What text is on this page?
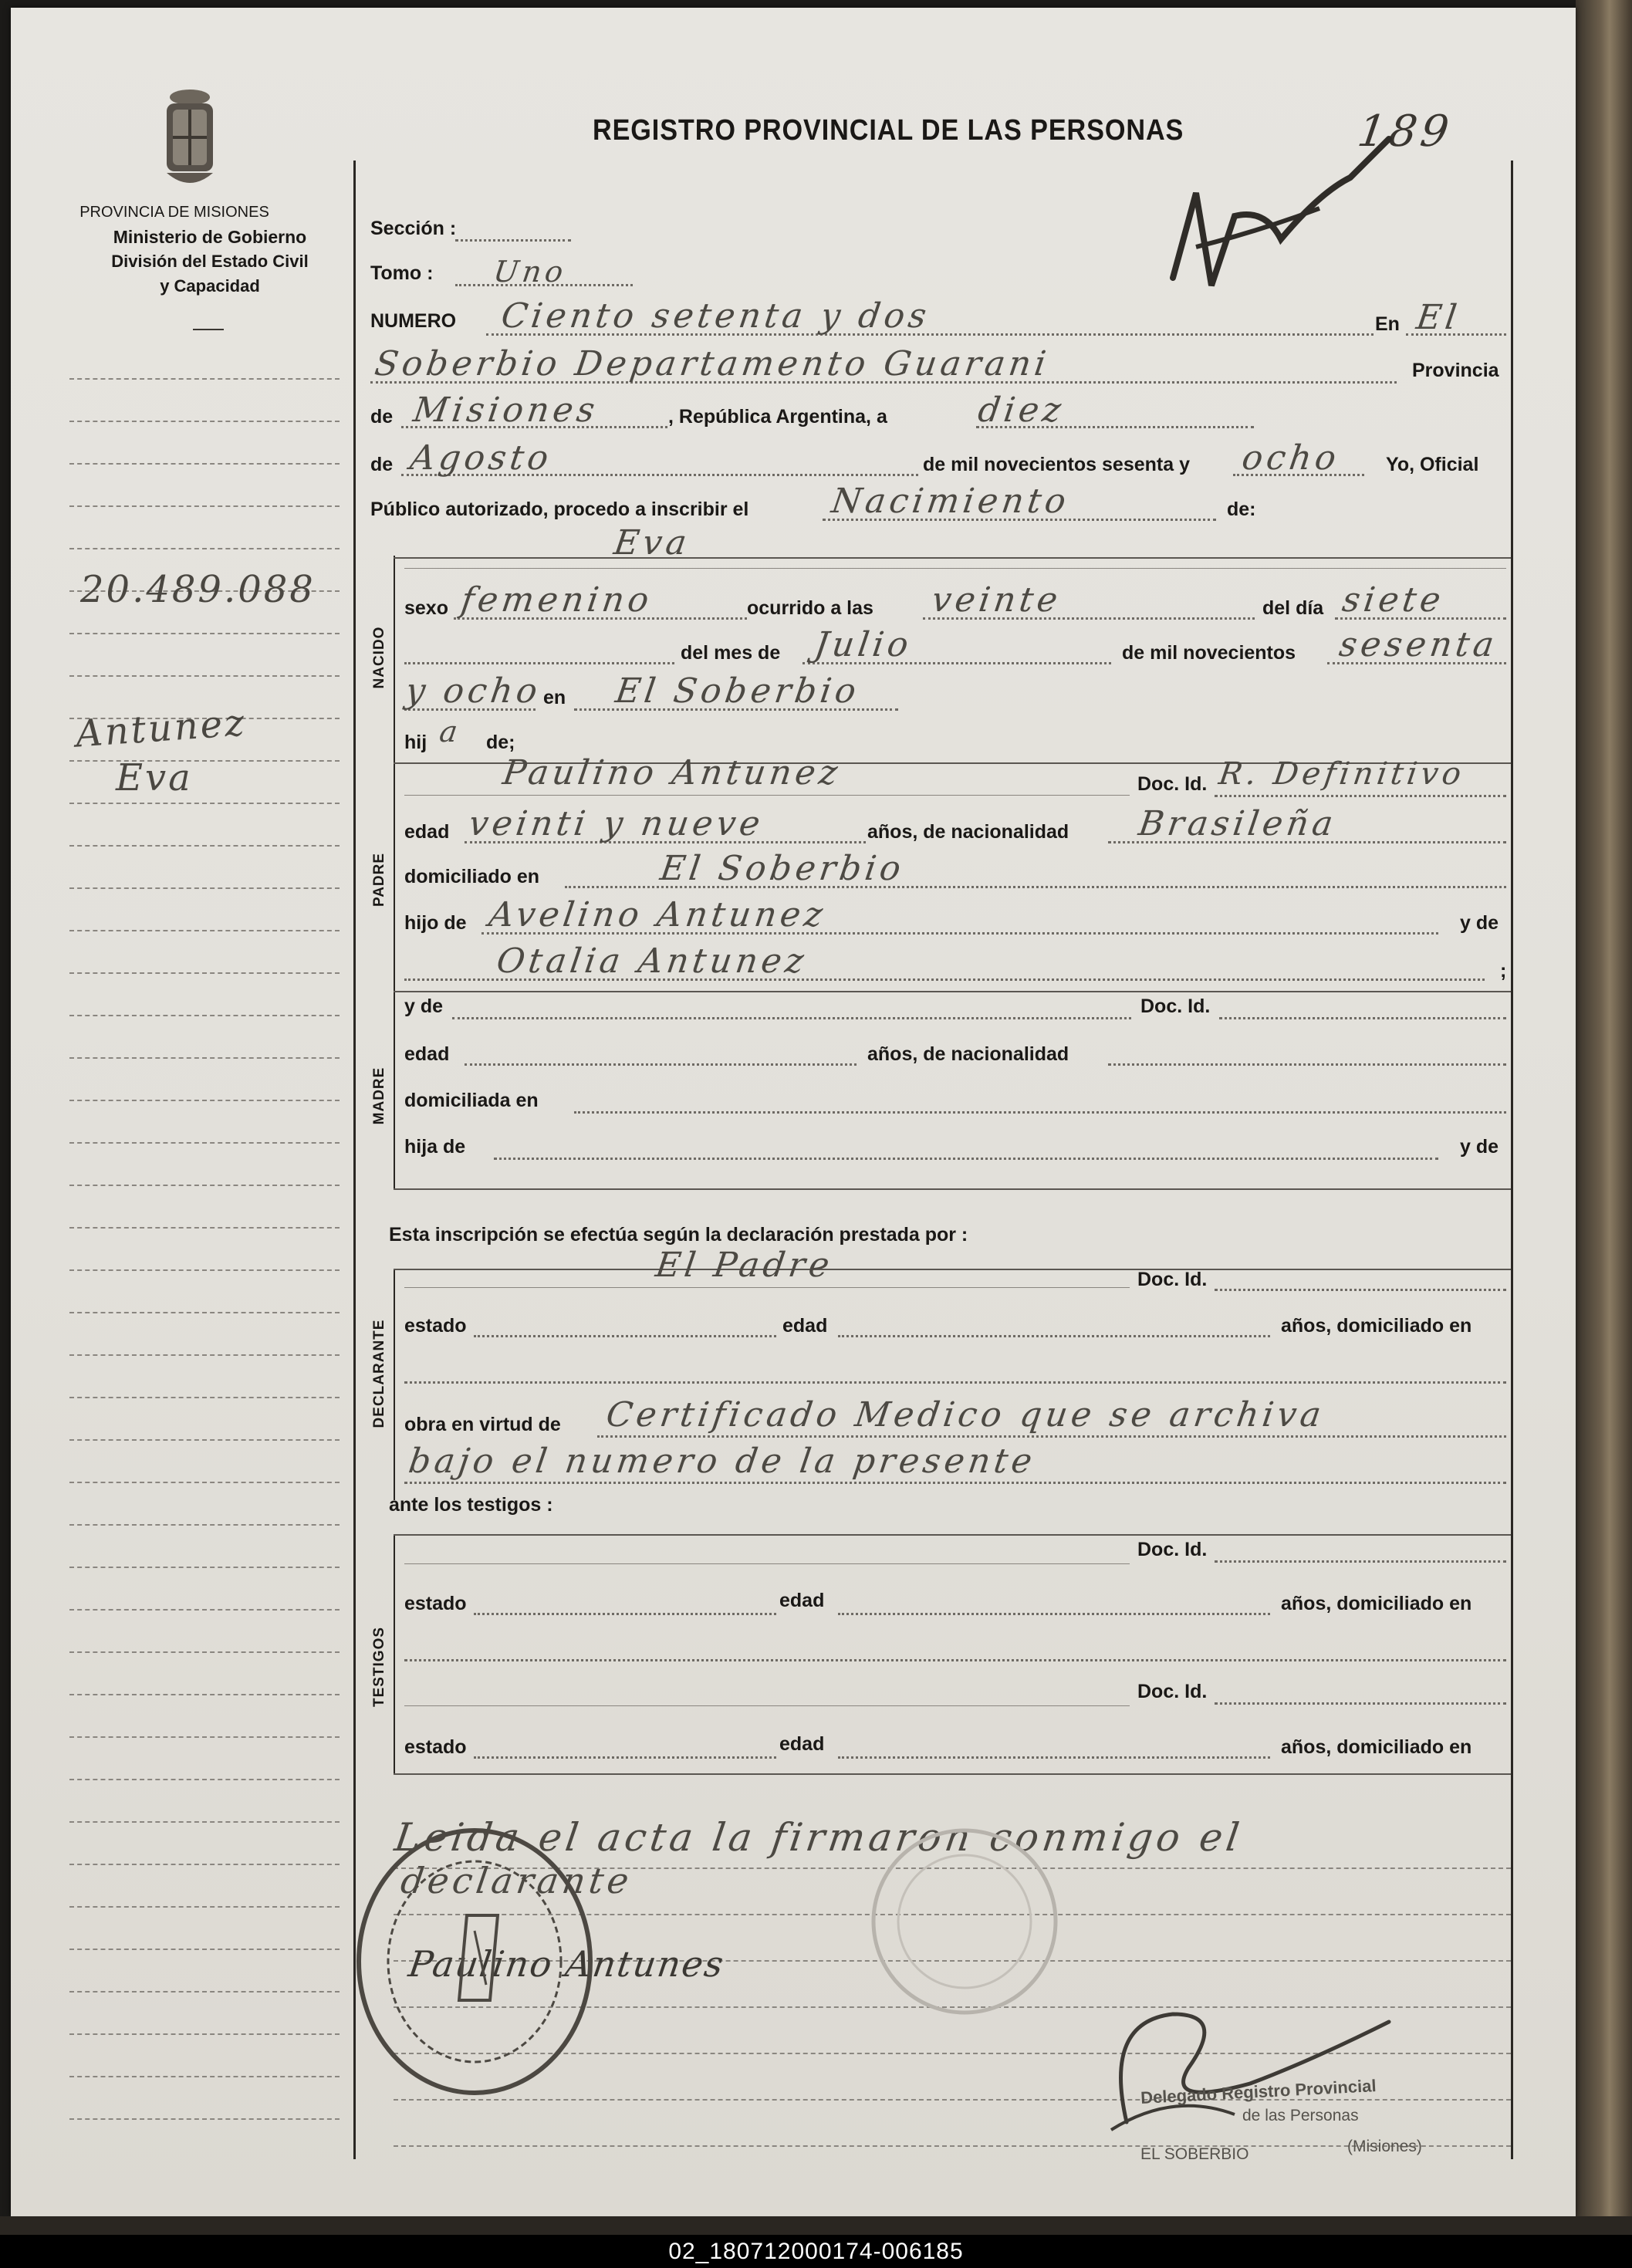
PROVINCIA DE MISIONES
Ministerio de Gobierno
División del Estado Civil
y Capacidad
20.489.088
Antunez
Eva
REGISTRO PROVINCIAL DE LAS PERSONAS	189
Sección :
Tomo : Uno
NUMERO Ciento setenta y dos	En El
Soberbio Departamento Guarani	Provincia
de Misiones	, República Argentina, a	diez
de Agosto	de mil novecientos sesenta y ocho Yo, Oficial
Público autorizado, procedo a inscribir el Nacimiento	de:
NACIDO
Eva
sexo femenino	ocurrido a las veinte	del día siete
del mes de Julio	de mil novecientos sesenta
y ocho en El Soberbio
hij a de;
PADRE
Paulino Antunez	Doc. Id. R. Definitivo
edad veinti y nueve	años, de nacionalidad Brasileña
domiciliado en	El Soberbio
hijo de Avelino Antunez	y de
Otalia Antunez	;
MADRE
y de	Doc. Id.
edad	años, de nacionalidad
domiciliada en
hija de	y de
Esta inscripción se efectúa según la declaración prestada por :
DECLARANTE
El Padre	Doc. Id.
estado	edad	años, domiciliado en
obra en virtud de Certificado Medico que se archiva
bajo el numero de la presente
ante los testigos :
TESTIGOS
Doc. Id.
estado	edad	años, domiciliado en
Doc. Id.
estado	edad	años, domiciliado en
Leida el acta la firmaron conmigo el
declarante
Paulino Antunes
Delegado Registro Provincial
de las Personas
EL SOBERBIO	(Misiones)
02_180712000174-006185
